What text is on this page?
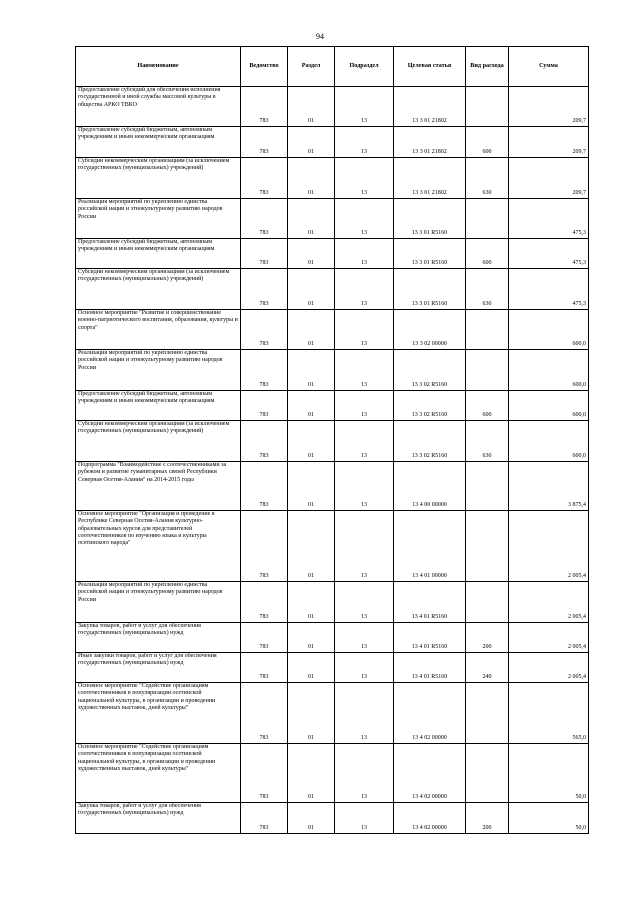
94
Наименование	Ведомство	Раздел	Подраздел	Целевая статья	Вид расхода	Сумма
Предоставление субсидий для обеспечения исполнения государственной и иной службы массовой культуры в общества АРКО ТВКО	783	01	13	13 3 01 21802		209,7
Предоставление субсидий бюджетным, автономным учреждениям и иным некоммерческим организациям	783	01	13	13 3 01 21802	600	209,7
Субсидии некоммерческим организациям (за исключением государственных (муниципальных) учреждений)	783	01	13	13 3 01 21802	630	209,7
Реализация мероприятий по укреплению единства российской нации и этнокультурному развитию народов России	783	01	13	13 3 01 R5160		475,3
Предоставление субсидий бюджетным, автономным учреждениям и иным некоммерческим организациям	783	01	13	13 3 01 R5160	600	475,3
Субсидии некоммерческим организациям (за исключением государственных (муниципальных) учреждений)	783	01	13	13 3 01 R5160	630	475,3
Основное мероприятие "Развитие и совершенствование военно-патриотического воспитания, образования, культуры и спорта"	783	01	13	13 3 02 00000		600,0
Реализация мероприятий по укреплению единства российской нации и этнокультурному развитию народов России	783	01	13	13 3 02 R5160		600,0
Предоставление субсидий бюджетным, автономным учреждениям и иным некоммерческим организациям	783	01	13	13 3 02 R5160	600	600,0
Субсидии некоммерческим организациям (за исключением государственных (муниципальных) учреждений)	783	01	13	13 3 02 R5160	630	600,0
Подпрограмма "Взаимодействие с соотечественниками за рубежом и развитие гуманитарных связей Республики Северная Осетия-Алания" на 2014-2015 годы	783	01	13	13 4 00 00000		3 875,4
Основное мероприятие "Организация и проведение в Республике Северная Осетия-Алания культурно-образовательных курсов для представителей соотечественников по изучению языка и культуры осетинского народа"	783	01	13	13 4 01 00000		2 005,4
Реализация мероприятий по укреплению единства российской нации и этнокультурному развитию народов России	783	01	13	13 4 01 R5160		2 005,4
Закупка товаров, работ и услуг для обеспечения государственных (муниципальных) нужд	783	01	13	13 4 01 R5160	200	2 005,4
Иные закупки товаров, работ и услуг для обеспечения государственных (муниципальных) нужд	783	01	13	13 4 01 R5160	240	2 005,4
Основное мероприятие "Содействие организациям соотечественников в популяризации осетинской национальной культуры, в организации и проведении художественных выставок, дней культуры"	783	01	13	13 4 02 00000		565,0
Основное мероприятие "Содействие организациям соотечественников в популяризации осетинской национальной культуры, в организации и проведении художественных выставок, дней культуры"	783	01	13	13 4 02 00000		50,0
Закупка товаров, работ и услуг для обеспечения государственных (муниципальных) нужд	783	01	13	13 4 02 00000	200	50,0
